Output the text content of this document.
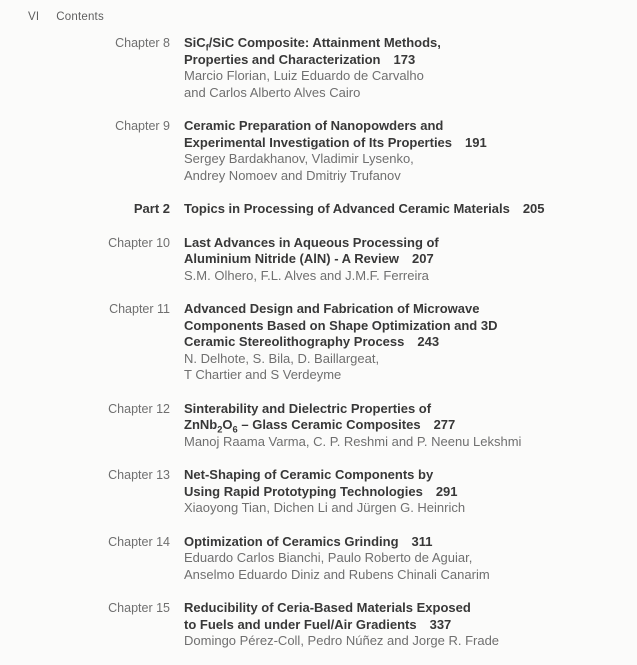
VI Contents
Chapter 8 SiC$_f$/SiC Composite: Attainment Methods,
Properties and Characterization 173
Marcio Florian, Luiz Eduardo de Carvalho
and Carlos Alberto Alves Cairo
Chapter 9 Ceramic Preparation of Nanopowders and
Experimental Investigation of Its Properties 191
Sergey Bardakhanov, Vladimir Lysenko,
Andrey Nomoev and Dmitriy Trufanov
Part 2 Topics in Processing of Advanced Ceramic Materials 205
Chapter 10 Last Advances in Aqueous Processing of
Aluminium Nitride (AlN) - A Review 207
S.M. Olhero, F.L. Alves and J.M.F. Ferreira
Chapter 11 Advanced Design and Fabrication of Microwave
Components Based on Shape Optimization and 3D
Ceramic Stereolithography Process 243
N. Delhote, S. Bila, D. Baillargeat,
T Chartier and S Verdeyme
Chapter 12 Sinterability and Dielectric Properties of
$ZnNb_2O_6$ – Glass Ceramic Composites 277
Manoj Raama Varma, C. P. Reshmi and P. Neenu Lekshmi
Chapter 13 Net-Shaping of Ceramic Components by
Using Rapid Prototyping Technologies 291
Xiaoyong Tian, Dichen Li and Jürgen G. Heinrich
Chapter 14 Optimization of Ceramics Grinding 311
Eduardo Carlos Bianchi, Paulo Roberto de Aguiar,
Anselmo Eduardo Diniz and Rubens Chinali Canarim
Chapter 15 Reducibility of Ceria-Based Materials Exposed
to Fuels and under Fuel/Air Gradients 337
Domingo Pérez-Coll, Pedro Núñez and Jorge R. Frade
